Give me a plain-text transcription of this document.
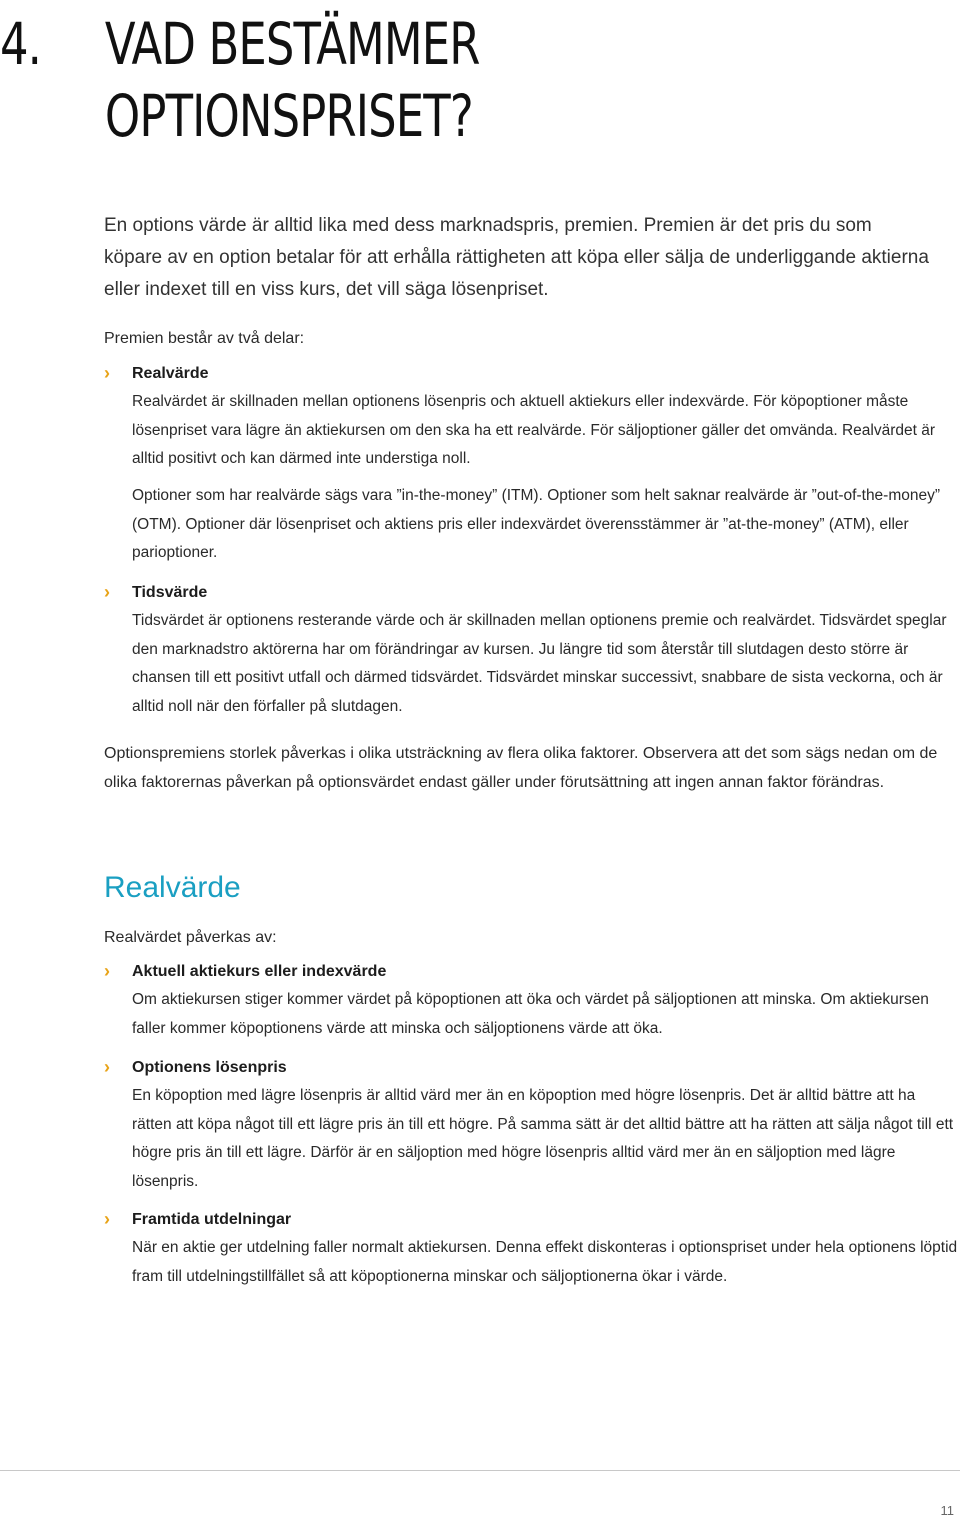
4. VAD BESTÄMMER OPTIONSPRISET?

En options värde är alltid lika med dess marknadspris, premien. Premien är det pris du som köpare av en option betalar för att erhålla rättigheten att köpa eller sälja de underliggande aktierna eller indexet till en viss kurs, det vill säga lösenpriset.

Premien består av två delar:

›	Realvärde

Realvärdet är skillnaden mellan optionens lösenpris och aktuell aktiekurs eller indexvärde. För köpoptioner måste lösenpriset vara lägre än aktiekursen om den ska ha ett realvärde. För säljoptioner gäller det omvända. Realvärdet är alltid positivt och kan därmed inte understiga noll.

Optioner som har realvärde sägs vara ”in-the-money” (ITM). Optioner som helt saknar realvärde är ”out-of-the-money” (OTM). Optioner där lösenpriset och aktiens pris eller indexvärdet överensstämmer är ”at-the-money” (ATM), eller parioptioner.

›	Tidsvärde

Tidsvärdet är optionens resterande värde och är skillnaden mellan optionens premie och realvärdet. Tidsvärdet speglar den marknadstro aktörerna har om förändringar av kursen. Ju längre tid som återstår till slutdagen desto större är chansen till ett positivt utfall och därmed tidsvärdet. Tidsvärdet minskar successivt, snabbare de sista veckorna, och är alltid noll när den förfaller på slutdagen.

Optionspremiens storlek påverkas i olika utsträckning av flera olika faktorer. Observera att det som sägs nedan om de olika faktorernas påverkan på optionsvärdet endast gäller under förutsättning att ingen annan faktor förändras.

Realvärde

Realvärdet påverkas av:

›	Aktuell aktiekurs eller indexvärde

Om aktiekursen stiger kommer värdet på köpoptionen att öka och värdet på säljoptionen att minska. Om aktiekursen faller kommer köpoptionens värde att minska och säljoptionens värde att öka.

›	Optionens lösenpris

En köpoption med lägre lösenpris är alltid värd mer än en köpoption med högre lösenpris. Det är alltid bättre att ha rätten att köpa något till ett lägre pris än till ett högre. På samma sätt är det alltid bättre att ha rätten att sälja något till ett högre pris än till ett lägre. Därför är en säljoption med högre lösenpris alltid värd mer än en säljoption med lägre lösenpris.

›	Framtida utdelningar

När en aktie ger utdelning faller normalt aktiekursen. Denna effekt diskonteras i optionspriset under hela optionens löptid fram till utdelningstillfället så att köpoptionerna minskar och säljoptionerna ökar i värde.

11
